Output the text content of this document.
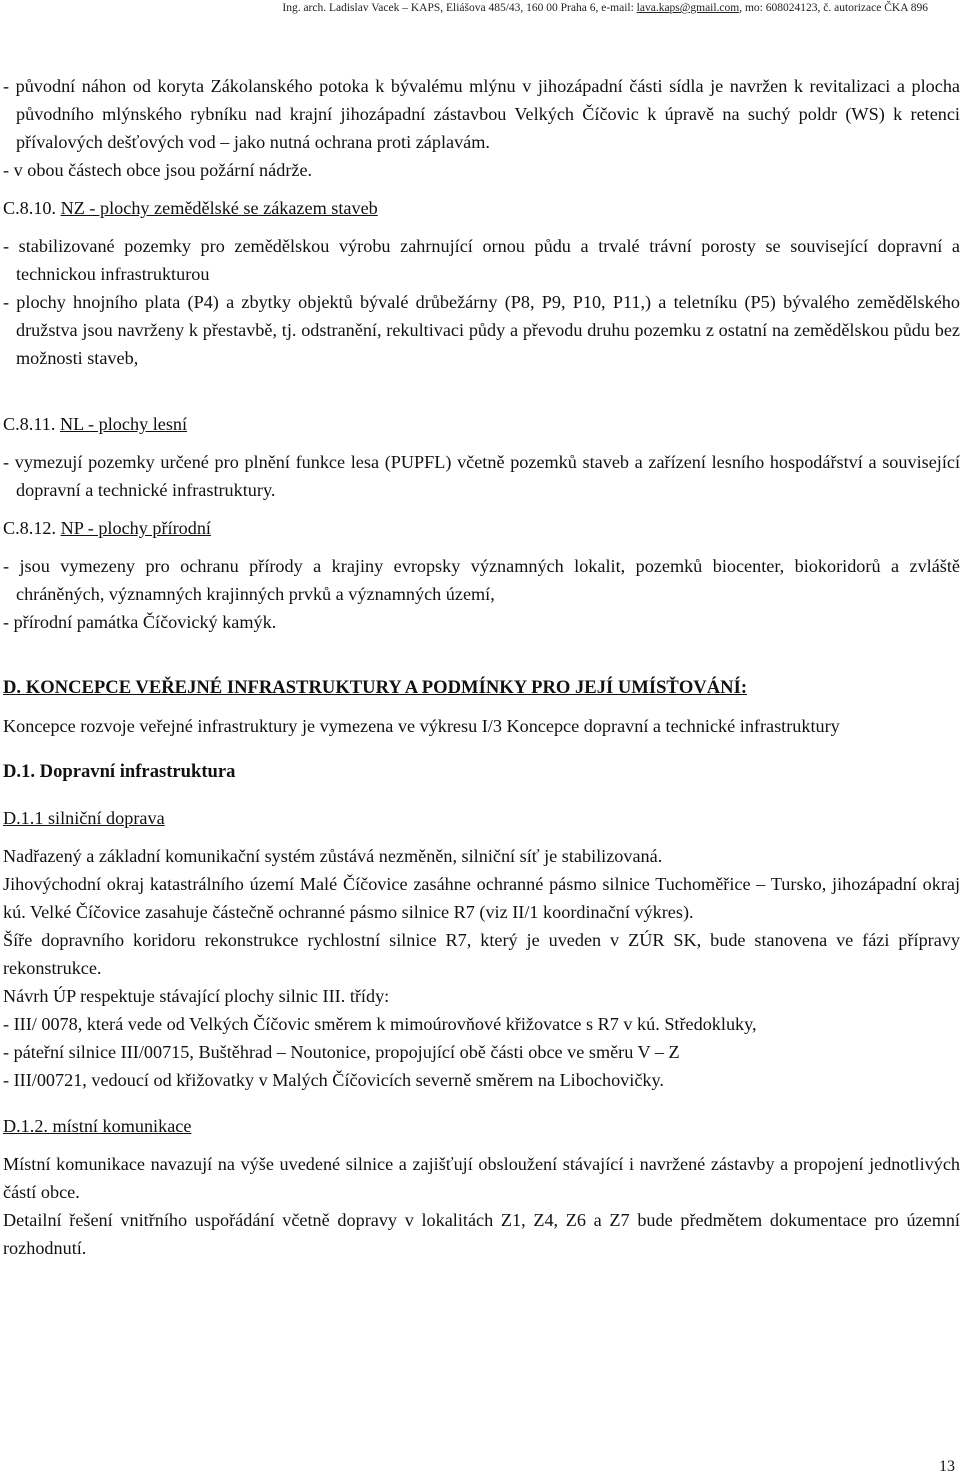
Ing. arch. Ladislav Vacek – KAPS, Eliášova 485/43, 160 00 Praha 6, e-mail: lava.kaps@gmail.com, mo: 608024123, č. autorizace ČKA 896

- původní náhon od koryta Zákolanského potoka k bývalému mlýnu v jihozápadní části sídla je navržen k revitalizaci a plocha původního mlýnského rybníku nad krajní jihozápadní zástavbou Velkých Číčovic k úpravě na suchý poldr (WS) k retenci přívalových dešťových vod – jako nutná ochrana proti záplavám.

- v obou částech obce jsou požární nádrže.

C.8.10. NZ - plochy zemědělské se zákazem staveb

- stabilizované pozemky pro zemědělskou výrobu zahrnující ornou půdu a trvalé trávní porosty se související dopravní a technickou infrastrukturou

- plochy hnojního plata (P4) a zbytky objektů bývalé drůbežárny (P8, P9, P10, P11,) a teletníku (P5) bývalého zemědělského družstva jsou navrženy k přestavbě, tj. odstranění, rekultivaci půdy a převodu druhu pozemku z ostatní na zemědělskou půdu bez možnosti staveb,

C.8.11. NL - plochy lesní

- vymezují pozemky určené pro plnění funkce lesa (PUPFL) včetně pozemků staveb a zařízení lesního hospodářství a související dopravní a technické infrastruktury.

C.8.12. NP - plochy přírodní

- jsou vymezeny pro ochranu přírody a krajiny evropsky významných lokalit, pozemků biocenter, biokoridorů a zvláště chráněných, významných krajinných prvků a významných území,

- přírodní památka Číčovický kamýk.

D. KONCEPCE VEŘEJNÉ INFRASTRUKTURY A PODMÍNKY PRO JEJÍ UMÍSŤOVÁNÍ:

Koncepce rozvoje veřejné infrastruktury je vymezena ve výkresu I/3 Koncepce dopravní a technické infrastruktury

D.1. Dopravní infrastruktura

D.1.1 silniční doprava

Nadřazený a základní komunikační systém zůstává nezměněn, silniční síť je stabilizovaná.

Jihovýchodní okraj katastrálního území Malé Číčovice zasáhne ochranné pásmo silnice Tuchoměřice – Tursko, jihozápadní okraj kú. Velké Číčovice zasahuje částečně ochranné pásmo silnice R7 (viz II/1 koordinační výkres).

Šíře dopravního koridoru rekonstrukce rychlostní silnice R7, který je uveden v ZÚR SK, bude stanovena ve fázi přípravy rekonstrukce.

Návrh ÚP respektuje stávající plochy silnic III. třídy:

- III/ 0078, která vede od Velkých Číčovic směrem k mimoúrovňové křižovatce s R7 v kú. Středokluky,

- páteřní silnice III/00715, Buštěhrad – Noutonice, propojující obě části obce ve směru V – Z

- III/00721, vedoucí od křižovatky v Malých Číčovicích severně směrem na Libochovičky.

D.1.2. místní komunikace

Místní komunikace navazují na výše uvedené silnice a zajišťují obsloužení stávající i navržené zástavby a propojení jednotlivých částí obce.

Detailní řešení vnitřního uspořádání včetně dopravy v lokalitách Z1, Z4, Z6 a Z7 bude předmětem dokumentace pro územní rozhodnutí.

13
